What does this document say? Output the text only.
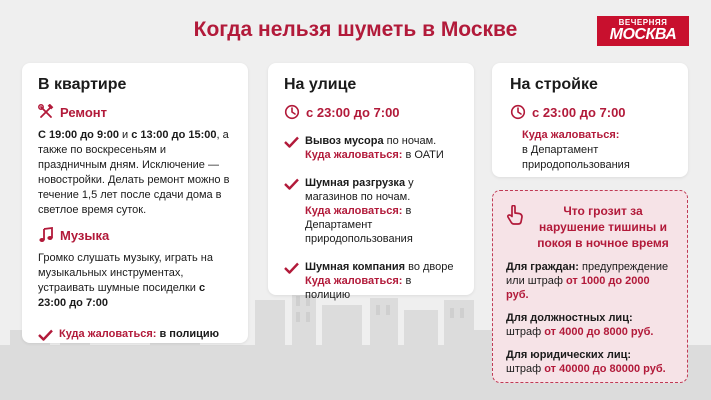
Когда нельзя шуметь в Москве	ВЕЧЕРНЯЯ
МОСКВА
В квартире
Ремонт
С 19:00 до 9:00 и с 13:00 до 15:00, а также по воскресеньям и праздничным дням. Исключение — новостройки. Делать ремонт можно в течение 1,5 лет после сдачи дома в светлое время суток.
Музыка
Громко слушать музыку, играть на музыкальных инструментах, устраивать шумные посиделки с 23:00 до 7:00
Куда жаловаться: в полицию
На улице
с 23:00 до 7:00
Вывоз мусора по ночам.
Куда жаловаться: в ОАТИ
Шумная разгрузка у магазинов по ночам.
Куда жаловаться: в Департамент природопользования
Шумная компания во дворе
Куда жаловаться: в полицию
На стройке
с 23:00 до 7:00
Куда жаловаться:
в Департамент природопользования
Что грозит за нарушение тишины и покоя в ночное время
Для граждан: предупреждение или штраф от 1000 до 2000 руб.
Для должностных лиц:
штраф от 4000 до 8000 руб.
Для юридических лиц:
штраф от 40000 до 80000 руб.
